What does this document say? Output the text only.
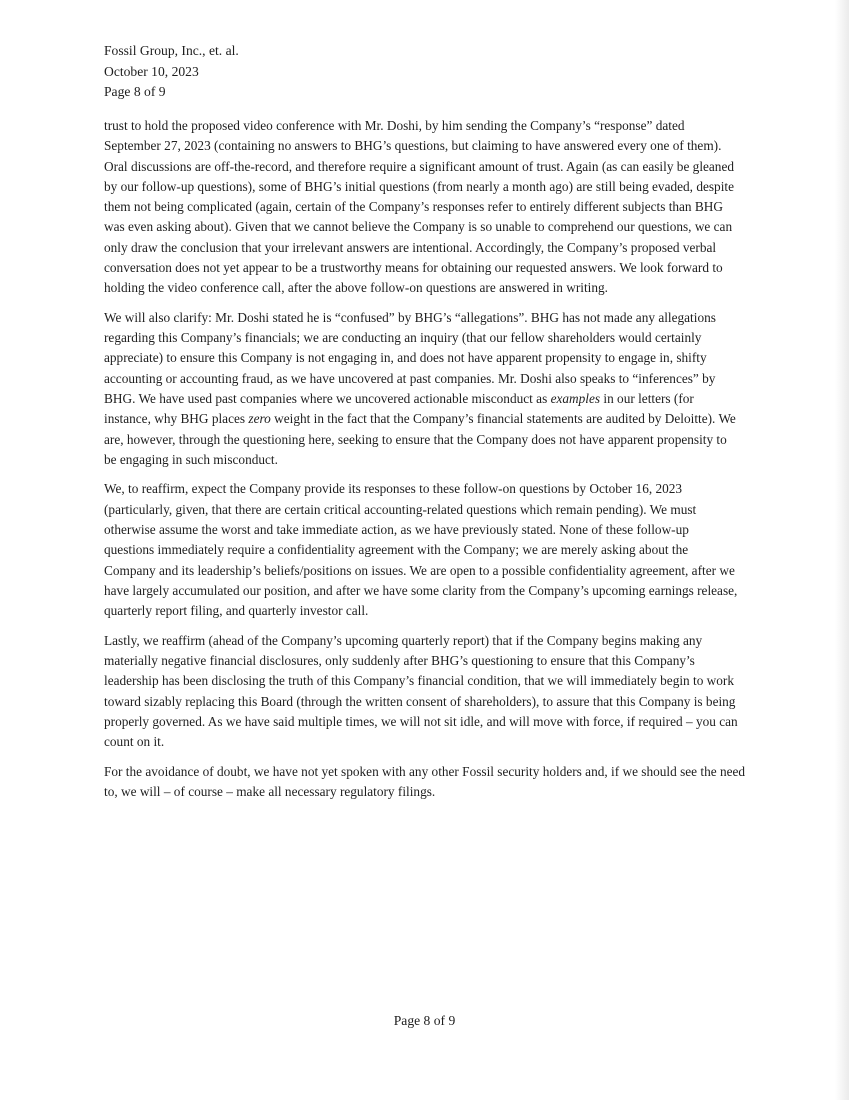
Fossil Group, Inc., et. al.
October 10, 2023
Page 8 of 9

trust to hold the proposed video conference with Mr. Doshi, by him sending the Company’s “response” dated
September 27, 2023 (containing no answers to BHG’s questions, but claiming to have answered every one of them).
Oral discussions are off-the-record, and therefore require a significant amount of trust. Again (as can easily be gleaned
by our follow-up questions), some of BHG’s initial questions (from nearly a month ago) are still being evaded, despite
them not being complicated (again, certain of the Company’s responses refer to entirely different subjects than BHG
was even asking about). Given that we cannot believe the Company is so unable to comprehend our questions, we can
only draw the conclusion that your irrelevant answers are intentional. Accordingly, the Company’s proposed verbal
conversation does not yet appear to be a trustworthy means for obtaining our requested answers. We look forward to
holding the video conference call, after the above follow-on questions are answered in writing.

We will also clarify: Mr. Doshi stated he is “confused” by BHG’s “allegations”. BHG has not made any allegations
regarding this Company’s financials; we are conducting an inquiry (that our fellow shareholders would certainly
appreciate) to ensure this Company is not engaging in, and does not have apparent propensity to engage in, shifty
accounting or accounting fraud, as we have uncovered at past companies. Mr. Doshi also speaks to “inferences” by
BHG. We have used past companies where we uncovered actionable misconduct as examples in our letters (for
instance, why BHG places zero weight in the fact that the Company’s financial statements are audited by Deloitte). We
are, however, through the questioning here, seeking to ensure that the Company does not have apparent propensity to
be engaging in such misconduct.

We, to reaffirm, expect the Company provide its responses to these follow-on questions by October 16, 2023
(particularly, given, that there are certain critical accounting-related questions which remain pending). We must
otherwise assume the worst and take immediate action, as we have previously stated. None of these follow-up
questions immediately require a confidentiality agreement with the Company; we are merely asking about the
Company and its leadership’s beliefs/positions on issues. We are open to a possible confidentiality agreement, after we
have largely accumulated our position, and after we have some clarity from the Company’s upcoming earnings release,
quarterly report filing, and quarterly investor call.

Lastly, we reaffirm (ahead of the Company’s upcoming quarterly report) that if the Company begins making any
materially negative financial disclosures, only suddenly after BHG’s questioning to ensure that this Company’s
leadership has been disclosing the truth of this Company’s financial condition, that we will immediately begin to work
toward sizably replacing this Board (through the written consent of shareholders), to assure that this Company is being
properly governed. As we have said multiple times, we will not sit idle, and will move with force, if required – you can
count on it.

For the avoidance of doubt, we have not yet spoken with any other Fossil security holders and, if we should see the need
to, we will – of course – make all necessary regulatory filings.

Page 8 of 9
